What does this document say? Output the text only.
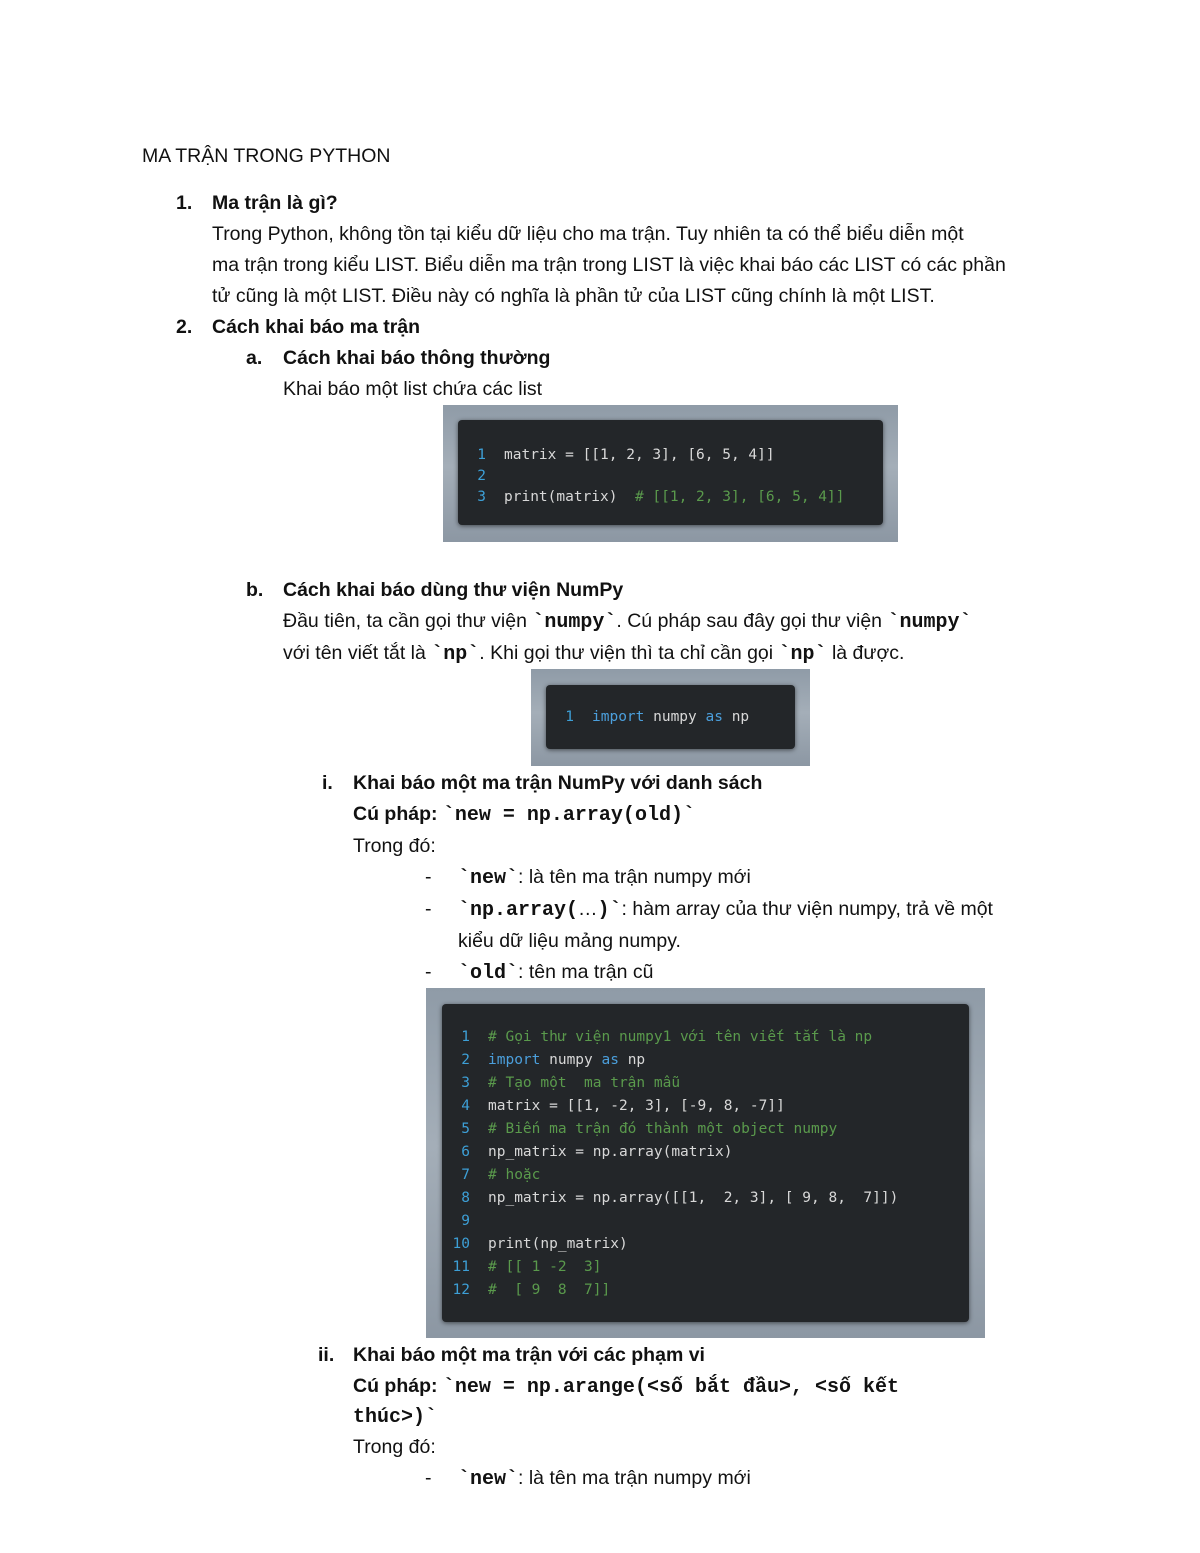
MA TRẬN TRONG PYTHON
1. Ma trận là gì?
Trong Python, không tồn tại kiểu dữ liệu cho ma trận. Tuy nhiên ta có thể biểu diễn một
ma trận trong kiểu LIST. Biểu diễn ma trận trong LIST là việc khai báo các LIST có các phần
tử cũng là một LIST. Điều này có nghĩa là phần tử của LIST cũng chính là một LIST.
2. Cách khai báo ma trận
a. Cách khai báo thông thường
Khai báo một list chứa các list
1 matrix = [[1, 2, 3], [6, 5, 4]]
2
3 print(matrix)  # [[1, 2, 3], [6, 5, 4]]
b. Cách khai báo dùng thư viện NumPy
Đầu tiên, ta cần gọi thư viện `numpy`. Cú pháp sau đây gọi thư viện `numpy`
với tên viết tắt là `np`. Khi gọi thư viện thì ta chỉ cần gọi `np` là được.
1 import numpy as np
i. Khai báo một ma trận NumPy với danh sách
Cú pháp: `new = np.array(old)`
Trong đó:
- `new`: là tên ma trận numpy mới
- `np.array(…)`: hàm array của thư viện numpy, trả về một
kiểu dữ liệu mảng numpy.
- `old`: tên ma trận cũ
1 # Gọi thư viện numpy1 với tên viết tắt là np
2 import numpy as np
3 # Tạo một  ma trận mẫu
4 matrix = [[1, -2, 3], [-9, 8, -7]]
5 # Biến ma trận đó thành một object numpy
6 np_matrix = np.array(matrix)
7 # hoặc
8 np_matrix = np.array([[1,  2, 3], [ 9, 8,  7]])
9
10 print(np_matrix)
11 # [[ 1 -2  3]
12 #  [ 9  8  7]]
ii. Khai báo một ma trận với các phạm vi
Cú pháp: `new = np.arange(<số bắt đầu>, <số kết
thúc>)`
Trong đó:
- `new`: là tên ma trận numpy mới
